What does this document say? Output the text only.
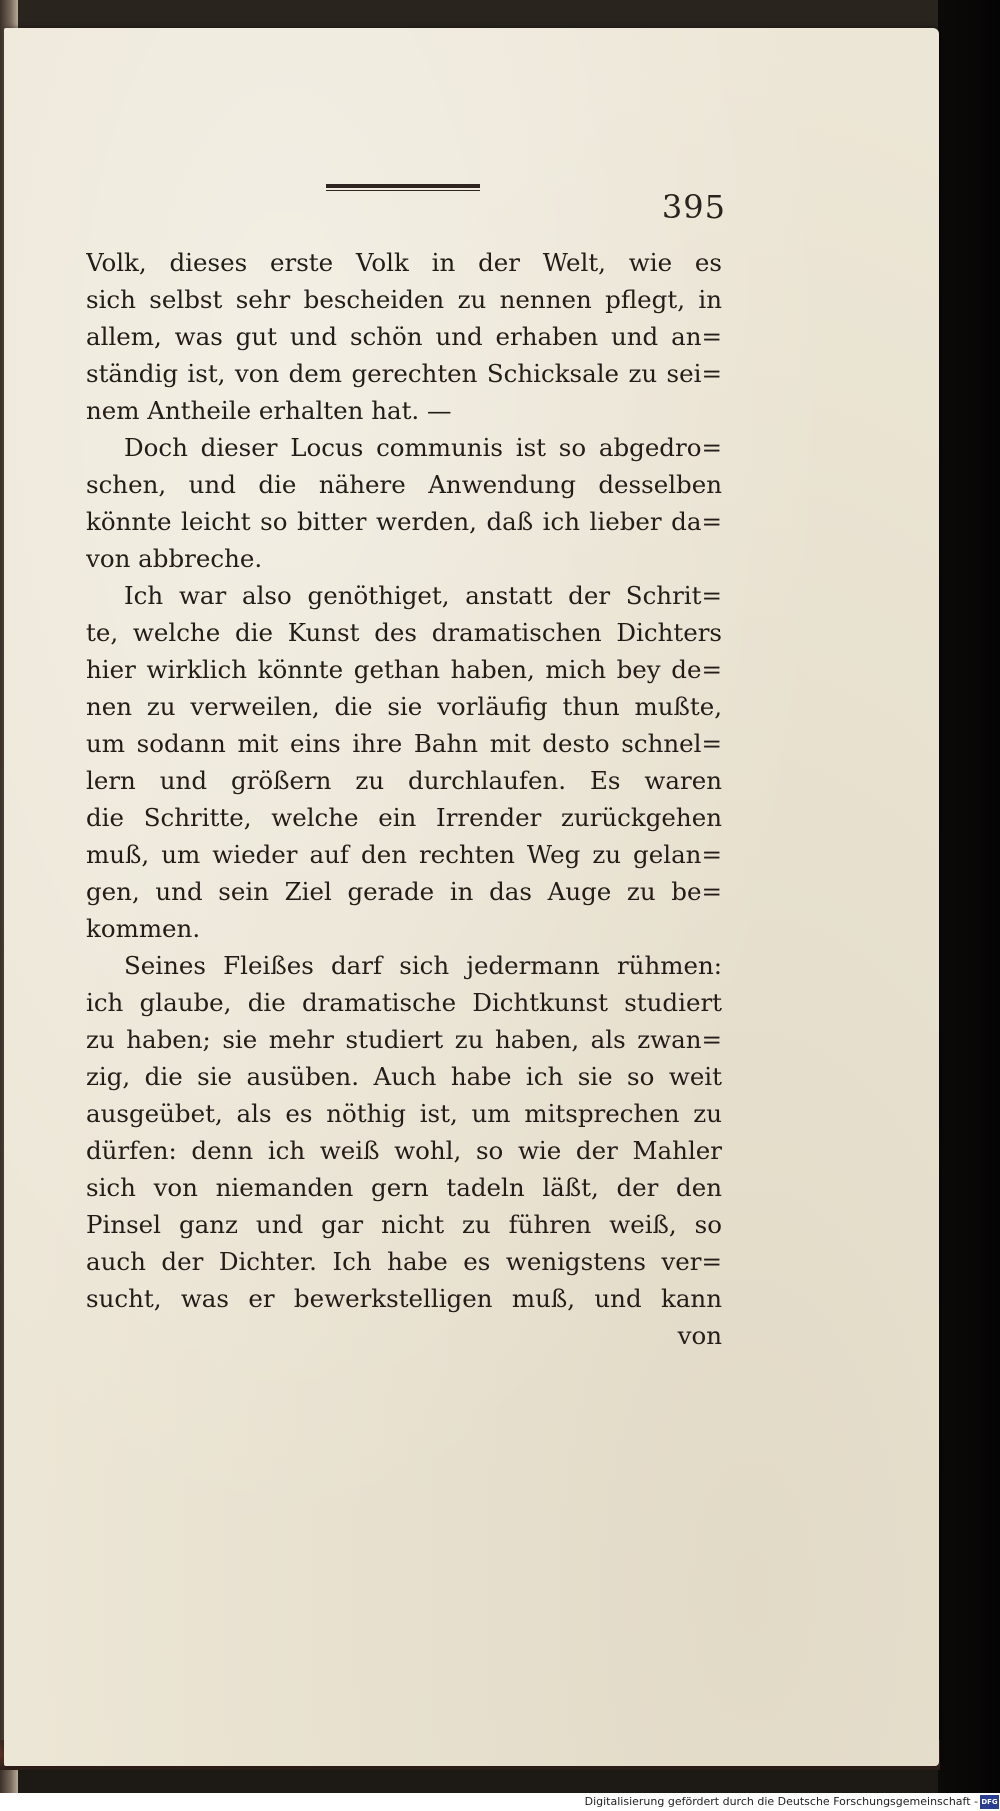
395
Volk, dieses erste Volk in der Welt, wie es
sich selbst sehr bescheiden zu nennen pflegt, in
allem, was gut und schön und erhaben und an=
ständig ist, von dem gerechten Schicksale zu sei=
nem Antheile erhalten hat. —
Doch dieser Locus communis ist so abgedro=
schen, und die nähere Anwendung desselben
könnte leicht so bitter werden, daß ich lieber da=
von abbreche.
Ich war also genöthiget, anstatt der Schrit=
te, welche die Kunst des dramatischen Dichters
hier wirklich könnte gethan haben, mich bey de=
nen zu verweilen, die sie vorläufig thun mußte,
um sodann mit eins ihre Bahn mit desto schnel=
lern und größern zu durchlaufen. Es waren
die Schritte, welche ein Irrender zurückgehen
muß, um wieder auf den rechten Weg zu gelan=
gen, und sein Ziel gerade in das Auge zu be=
kommen.
Seines Fleißes darf sich jedermann rühmen:
ich glaube, die dramatische Dichtkunst studiert
zu haben; sie mehr studiert zu haben, als zwan=
zig, die sie ausüben. Auch habe ich sie so weit
ausgeübet, als es nöthig ist, um mitsprechen zu
dürfen: denn ich weiß wohl, so wie der Mahler
sich von niemanden gern tadeln läßt, der den
Pinsel ganz und gar nicht zu führen weiß, so
auch der Dichter. Ich habe es wenigstens ver=
sucht, was er bewerkstelligen muß, und kann
von
Digitalisierung gefördert durch die Deutsche Forschungsgemeinschaft - DFG
